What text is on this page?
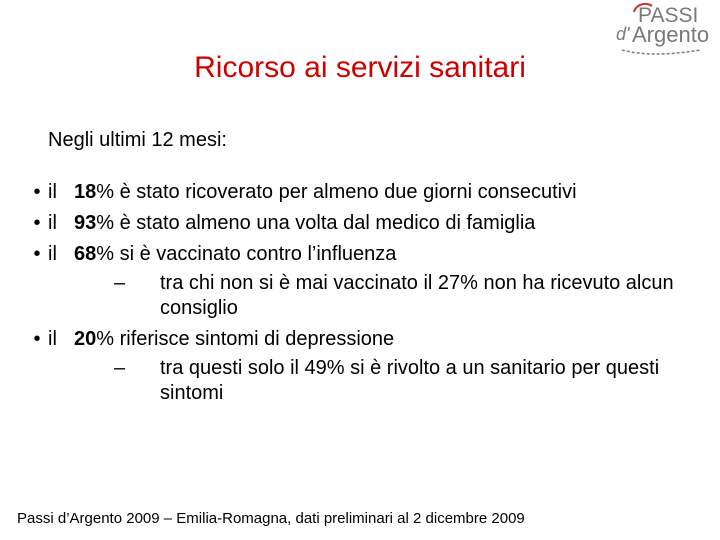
PASSI
d' Argento
Ricorso ai servizi sanitari
Negli ultimi 12 mesi:
• il 18% è stato ricoverato per almeno due giorni consecutivi
• il 93% è stato almeno una volta dal medico di famiglia
• il 68% si è vaccinato contro l’influenza
– tra chi non si è mai vaccinato il 27% non ha ricevuto alcun consiglio
• il 20% riferisce sintomi di depressione
– tra questi solo il 49% si è rivolto a un sanitario per questi sintomi
Passi d’Argento 2009 – Emilia-Romagna, dati preliminari al 2 dicembre 2009
